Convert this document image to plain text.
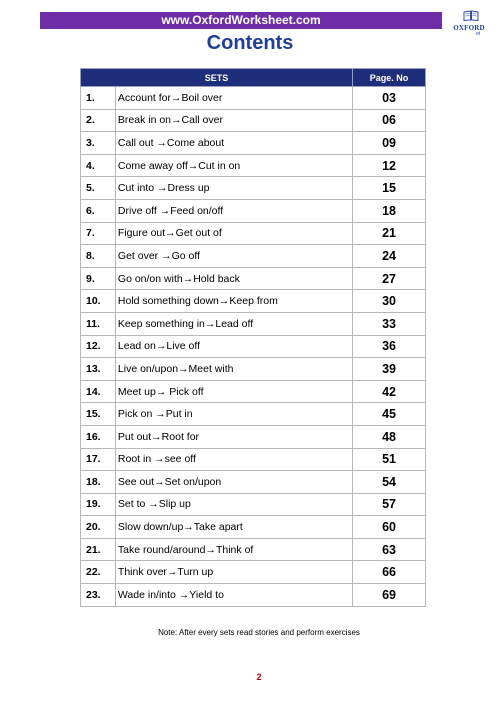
www.OxfordWorksheet.com
OXFORD
et
Contents
SETS		Page. No
1.	Account for→Boil over	03
2.	Break in on→Call over	06
3.	Call out →Come about	09
4.	Come away off→Cut in on	12
5.	Cut into →Dress up	15
6.	Drive off →Feed on/off	18
7.	Figure out→Get out of	21
8.	Get over →Go off	24
9.	Go on/on with→Hold back	27
10.	Hold something down→Keep from	30
11.	Keep something in→Lead off	33
12.	Lead on→Live off	36
13.	Live on/upon→Meet with	39
14.	Meet up→ Pick off	42
15.	Pick on →Put in	45
16.	Put out→Root for	48
17.	Root in →see off	51
18.	See out→Set on/upon	54
19.	Set to →Slip up	57
20.	Slow down/up→Take apart	60
21.	Take round/around→Think of	63
22.	Think over→Turn up	66
23.	Wade in/into →Yield to	69
Note: After every sets read stories and perform exercises
2
